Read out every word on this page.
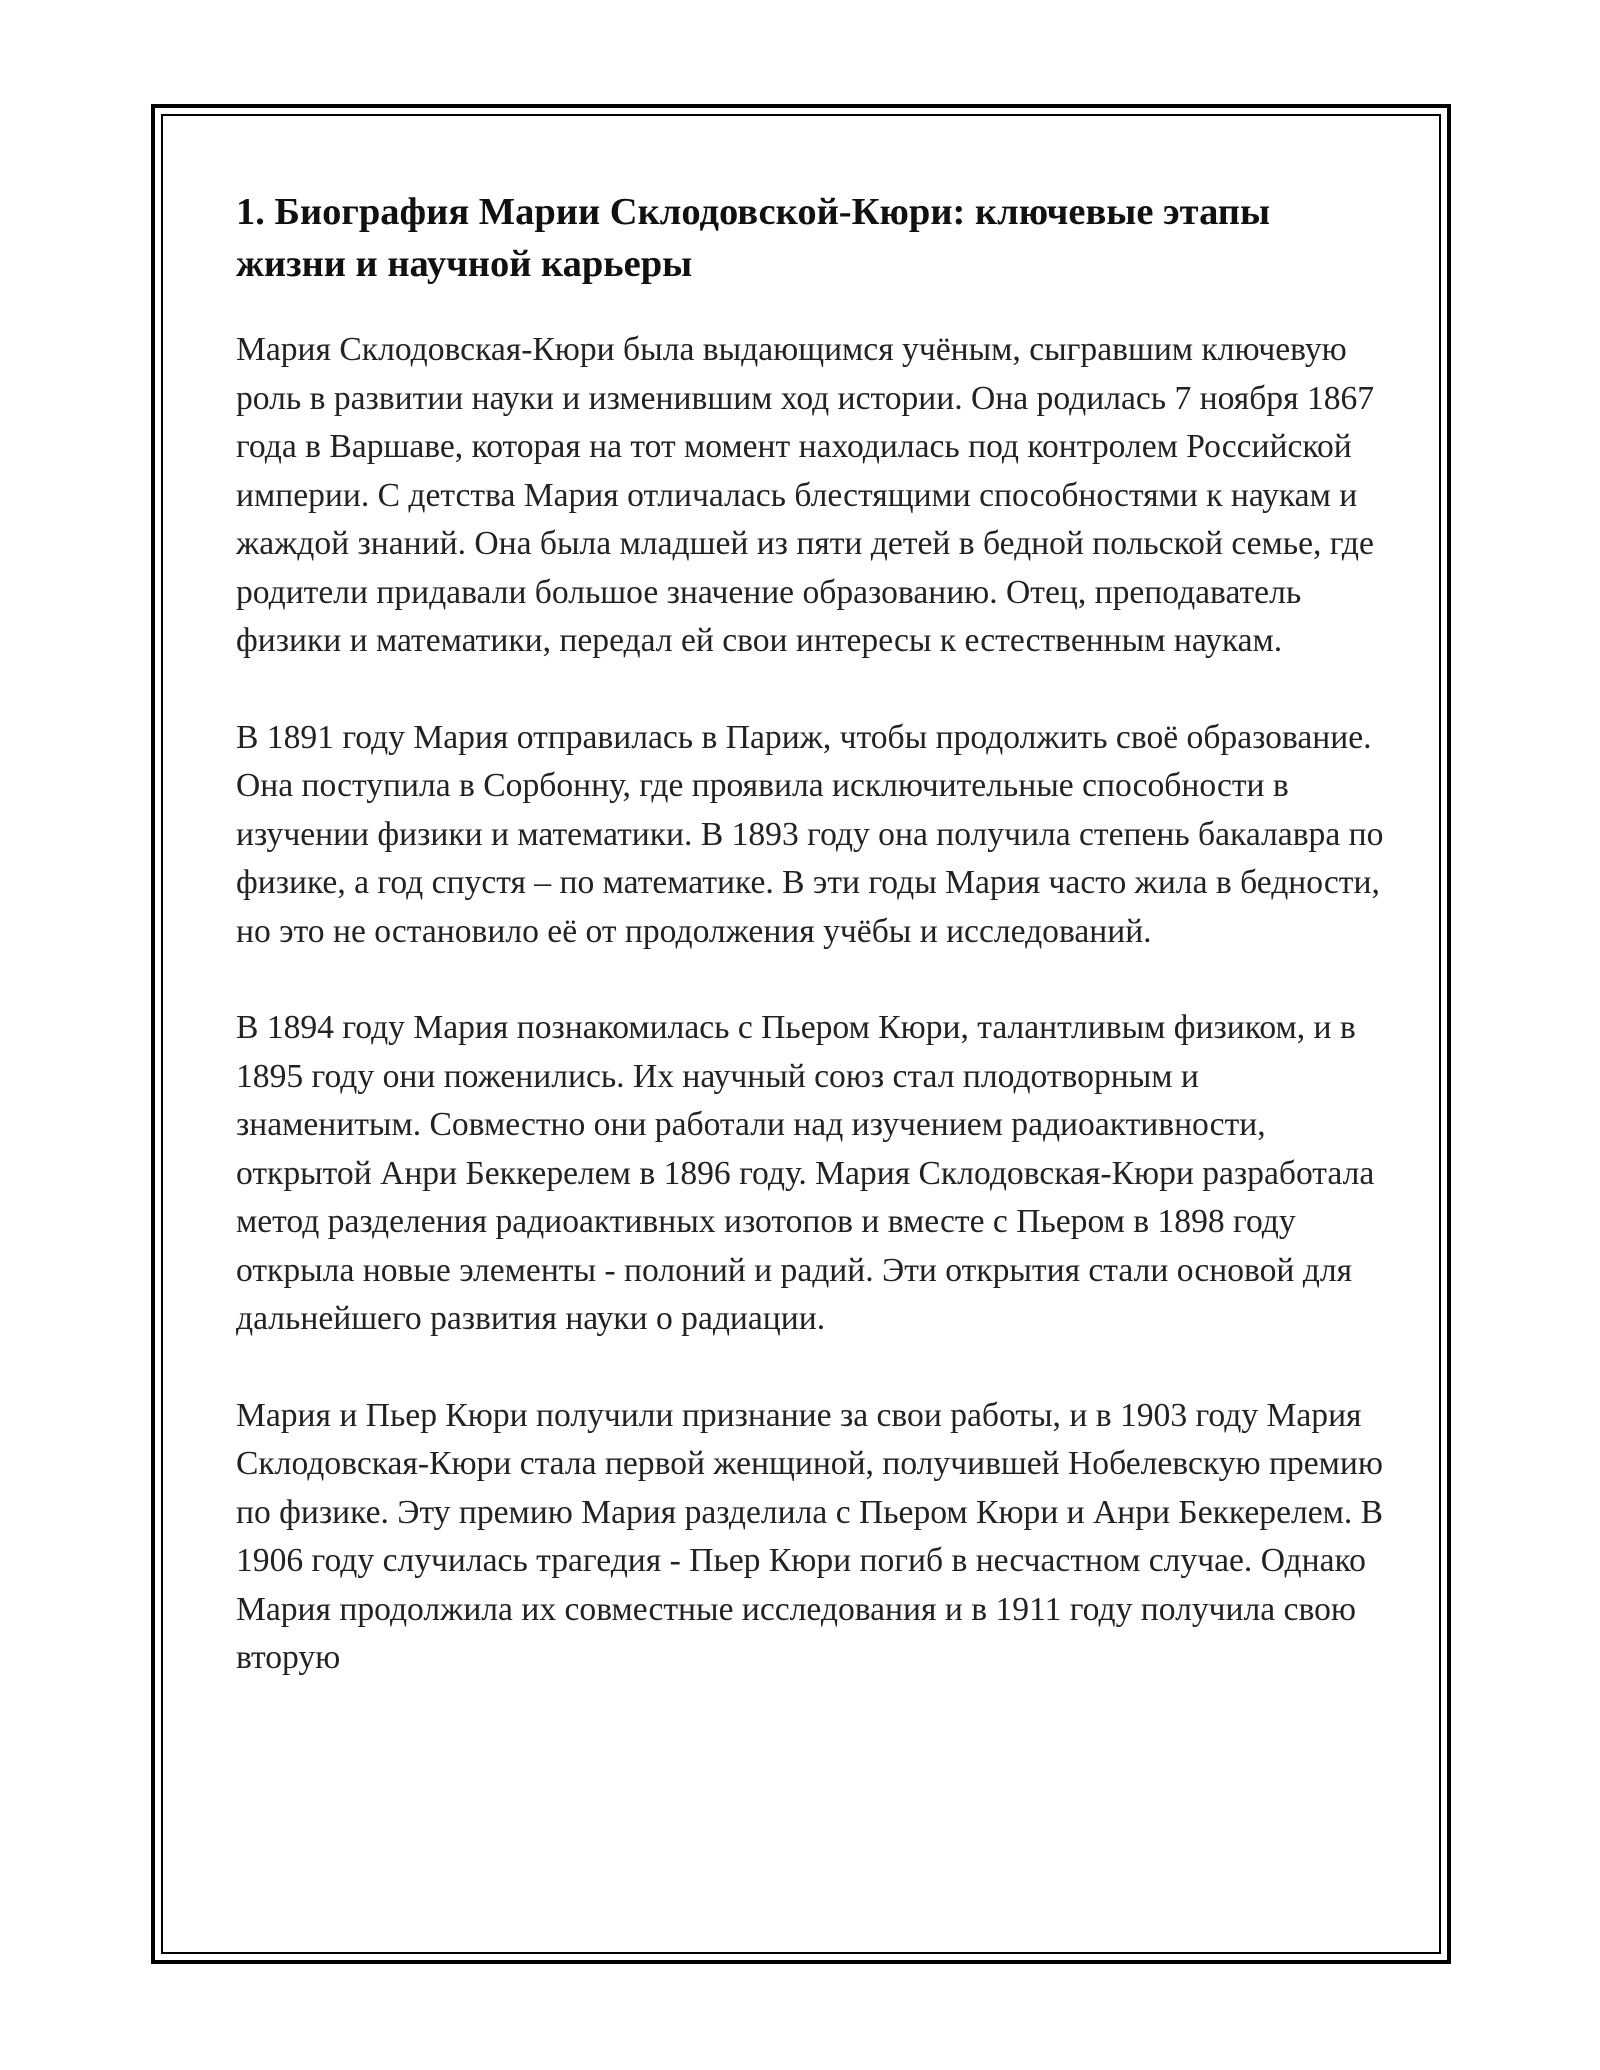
1. Биография Марии Склодовской-Кюри: ключевые этапы жизни и научной карьеры

Мария Склодовская-Кюри была выдающимся учёным, сыгравшим ключевую роль в развитии науки и изменившим ход истории. Она родилась 7 ноября 1867 года в Варшаве, которая на тот момент находилась под контролем Российской империи. С детства Мария отличалась блестящими способностями к наукам и жаждой знаний. Она была младшей из пяти детей в бедной польской семье, где родители придавали большое значение образованию. Отец, преподаватель физики и математики, передал ей свои интересы к естественным наукам.

В 1891 году Мария отправилась в Париж, чтобы продолжить своё образование. Она поступила в Сорбонну, где проявила исключительные способности в изучении физики и математики. В 1893 году она получила степень бакалавра по физике, а год спустя – по математике. В эти годы Мария часто жила в бедности, но это не остановило её от продолжения учёбы и исследований.

В 1894 году Мария познакомилась с Пьером Кюри, талантливым физиком, и в 1895 году они поженились. Их научный союз стал плодотворным и знаменитым. Совместно они работали над изучением радиоактивности, открытой Анри Беккерелем в 1896 году. Мария Склодовская-Кюри разработала метод разделения радиоактивных изотопов и вместе с Пьером в 1898 году открыла новые элементы - полоний и радий. Эти открытия стали основой для дальнейшего развития науки о радиации.

Мария и Пьер Кюри получили признание за свои работы, и в 1903 году Мария Склодовская-Кюри стала первой женщиной, получившей Нобелевскую премию по физике. Эту премию Мария разделила с Пьером Кюри и Анри Беккерелем. В 1906 году случилась трагедия - Пьер Кюри погиб в несчастном случае. Однако Мария продолжила их совместные исследования и в 1911 году получила свою вторую
